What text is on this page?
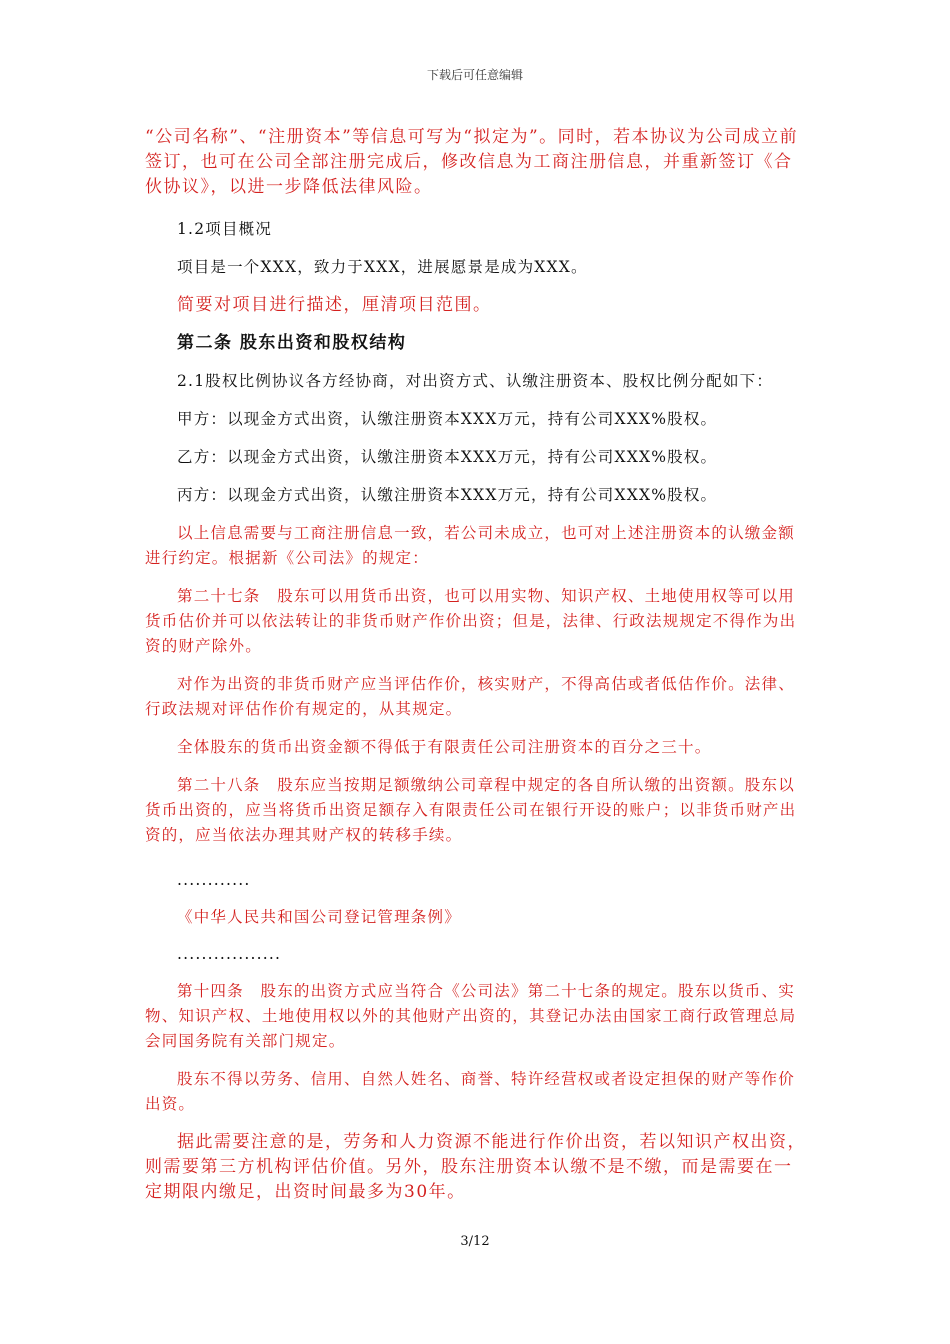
下载后可任意编辑

“公司名称”、“注册资本”等信息可写为“拟定为”。同时，若本协议为公司成立前签订，也可在公司全部注册完成后，修改信息为工商注册信息，并重新签订《合伙协议》，以进一步降低法律风险。

1.2项目概况

项目是一个XXX，致力于XXX，进展愿景是成为XXX。

简要对项目进行描述，厘清项目范围。

第二条 股东出资和股权结构

2.1股权比例协议各方经协商，对出资方式、认缴注册资本、股权比例分配如下：

甲方：以现金方式出资，认缴注册资本XXX万元，持有公司XXX%股权。

乙方：以现金方式出资，认缴注册资本XXX万元，持有公司XXX%股权。

丙方：以现金方式出资，认缴注册资本XXX万元，持有公司XXX%股权。

以上信息需要与工商注册信息一致，若公司未成立，也可对上述注册资本的认缴金额进行约定。根据新《公司法》的规定：

第二十七条　股东可以用货币出资，也可以用实物、知识产权、土地使用权等可以用货币估价并可以依法转让的非货币财产作价出资；但是，法律、行政法规规定不得作为出资的财产除外。

对作为出资的非货币财产应当评估作价，核实财产，不得高估或者低估作价。法律、行政法规对评估作价有规定的，从其规定。

全体股东的货币出资金额不得低于有限责任公司注册资本的百分之三十。

第二十八条　股东应当按期足额缴纳公司章程中规定的各自所认缴的出资额。股东以货币出资的，应当将货币出资足额存入有限责任公司在银行开设的账户；以非货币财产出资的，应当依法办理其财产权的转移手续。

............

《中华人民共和国公司登记管理条例》

.................

第十四条　股东的出资方式应当符合《公司法》第二十七条的规定。股东以货币、实物、知识产权、土地使用权以外的其他财产出资的，其登记办法由国家工商行政管理总局会同国务院有关部门规定。

股东不得以劳务、信用、自然人姓名、商誉、特许经营权或者设定担保的财产等作价出资。

据此需要注意的是，劳务和人力资源不能进行作价出资，若以知识产权出资，则需要第三方机构评估价值。另外，股东注册资本认缴不是不缴，而是需要在一定期限内缴足，出资时间最多为30年。

3/12
